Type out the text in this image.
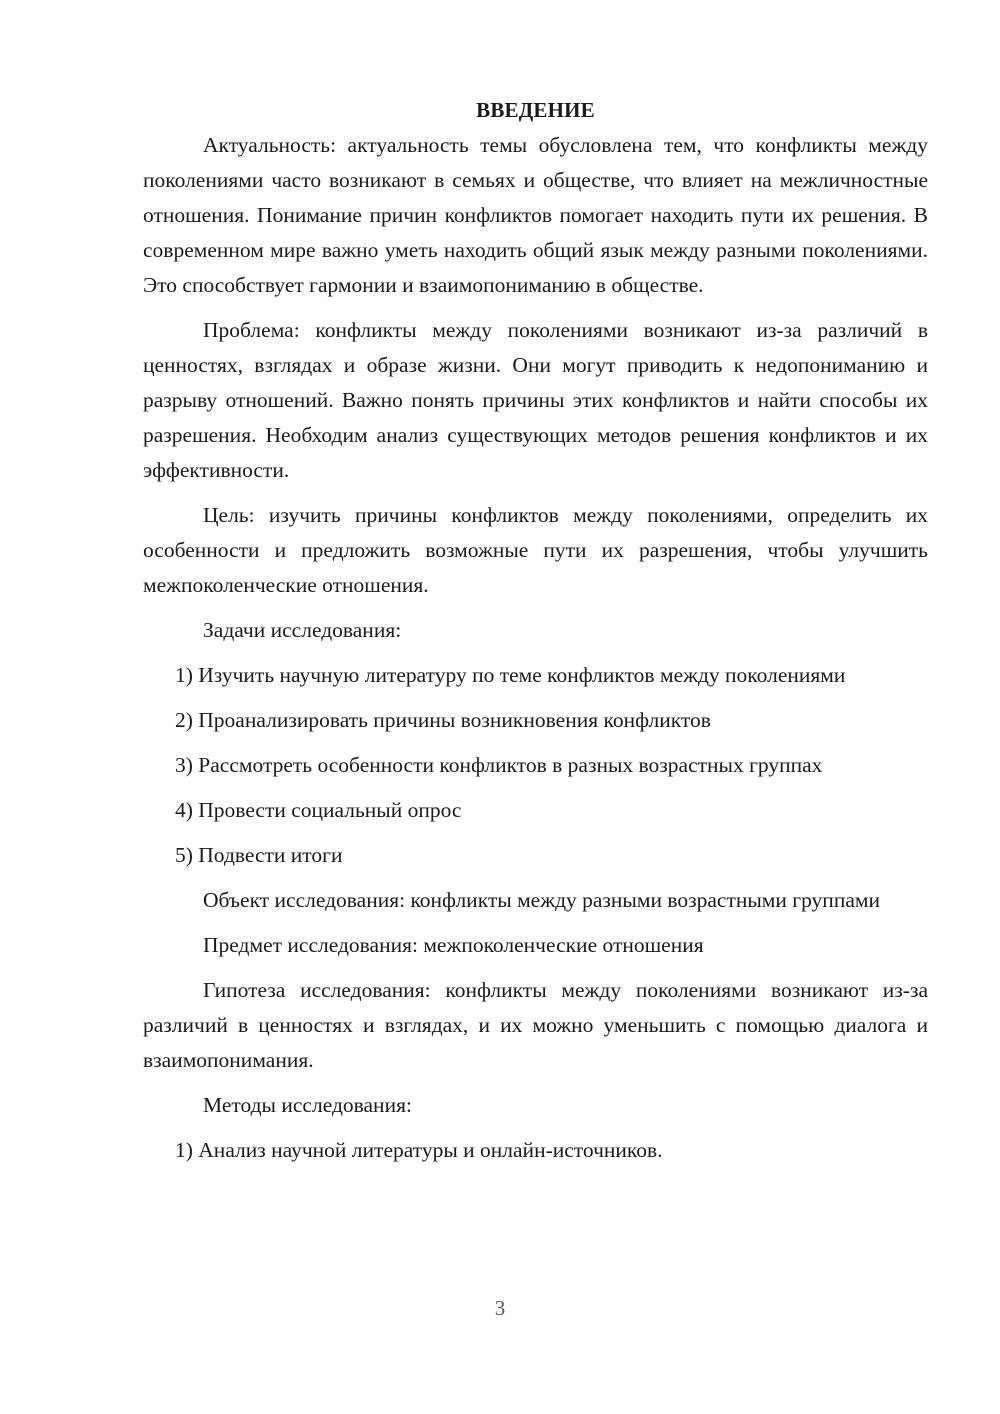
ВВЕДЕНИЕ

Актуальность: актуальность темы обусловлена тем, что конфликты между поколениями часто возникают в семьях и обществе, что влияет на межличностные отношения. Понимание причин конфликтов помогает находить пути их решения. В современном мире важно уметь находить общий язык между разными поколениями. Это способствует гармонии и взаимопониманию в обществе.

Проблема: конфликты между поколениями возникают из-за различий в ценностях, взглядах и образе жизни. Они могут приводить к недопониманию и разрыву отношений. Важно понять причины этих конфликтов и найти способы их разрешения. Необходим анализ существующих методов решения конфликтов и их эффективности.

Цель: изучить причины конфликтов между поколениями, определить их особенности и предложить возможные пути их разрешения, чтобы улучшить межпоколенческие отношения.

Задачи исследования:

1) Изучить научную литературу по теме конфликтов между поколениями

2) Проанализировать причины возникновения конфликтов

3) Рассмотреть особенности конфликтов в разных возрастных группах

4) Провести социальный опрос

5) Подвести итоги

Объект исследования: конфликты между разными возрастными группами

Предмет исследования: межпоколенческие отношения

Гипотеза исследования: конфликты между поколениями возникают из-за различий в ценностях и взглядах, и их можно уменьшить с помощью диалога и взаимопонимания.

Методы исследования:

1) Анализ научной литературы и онлайн-источников.

3
